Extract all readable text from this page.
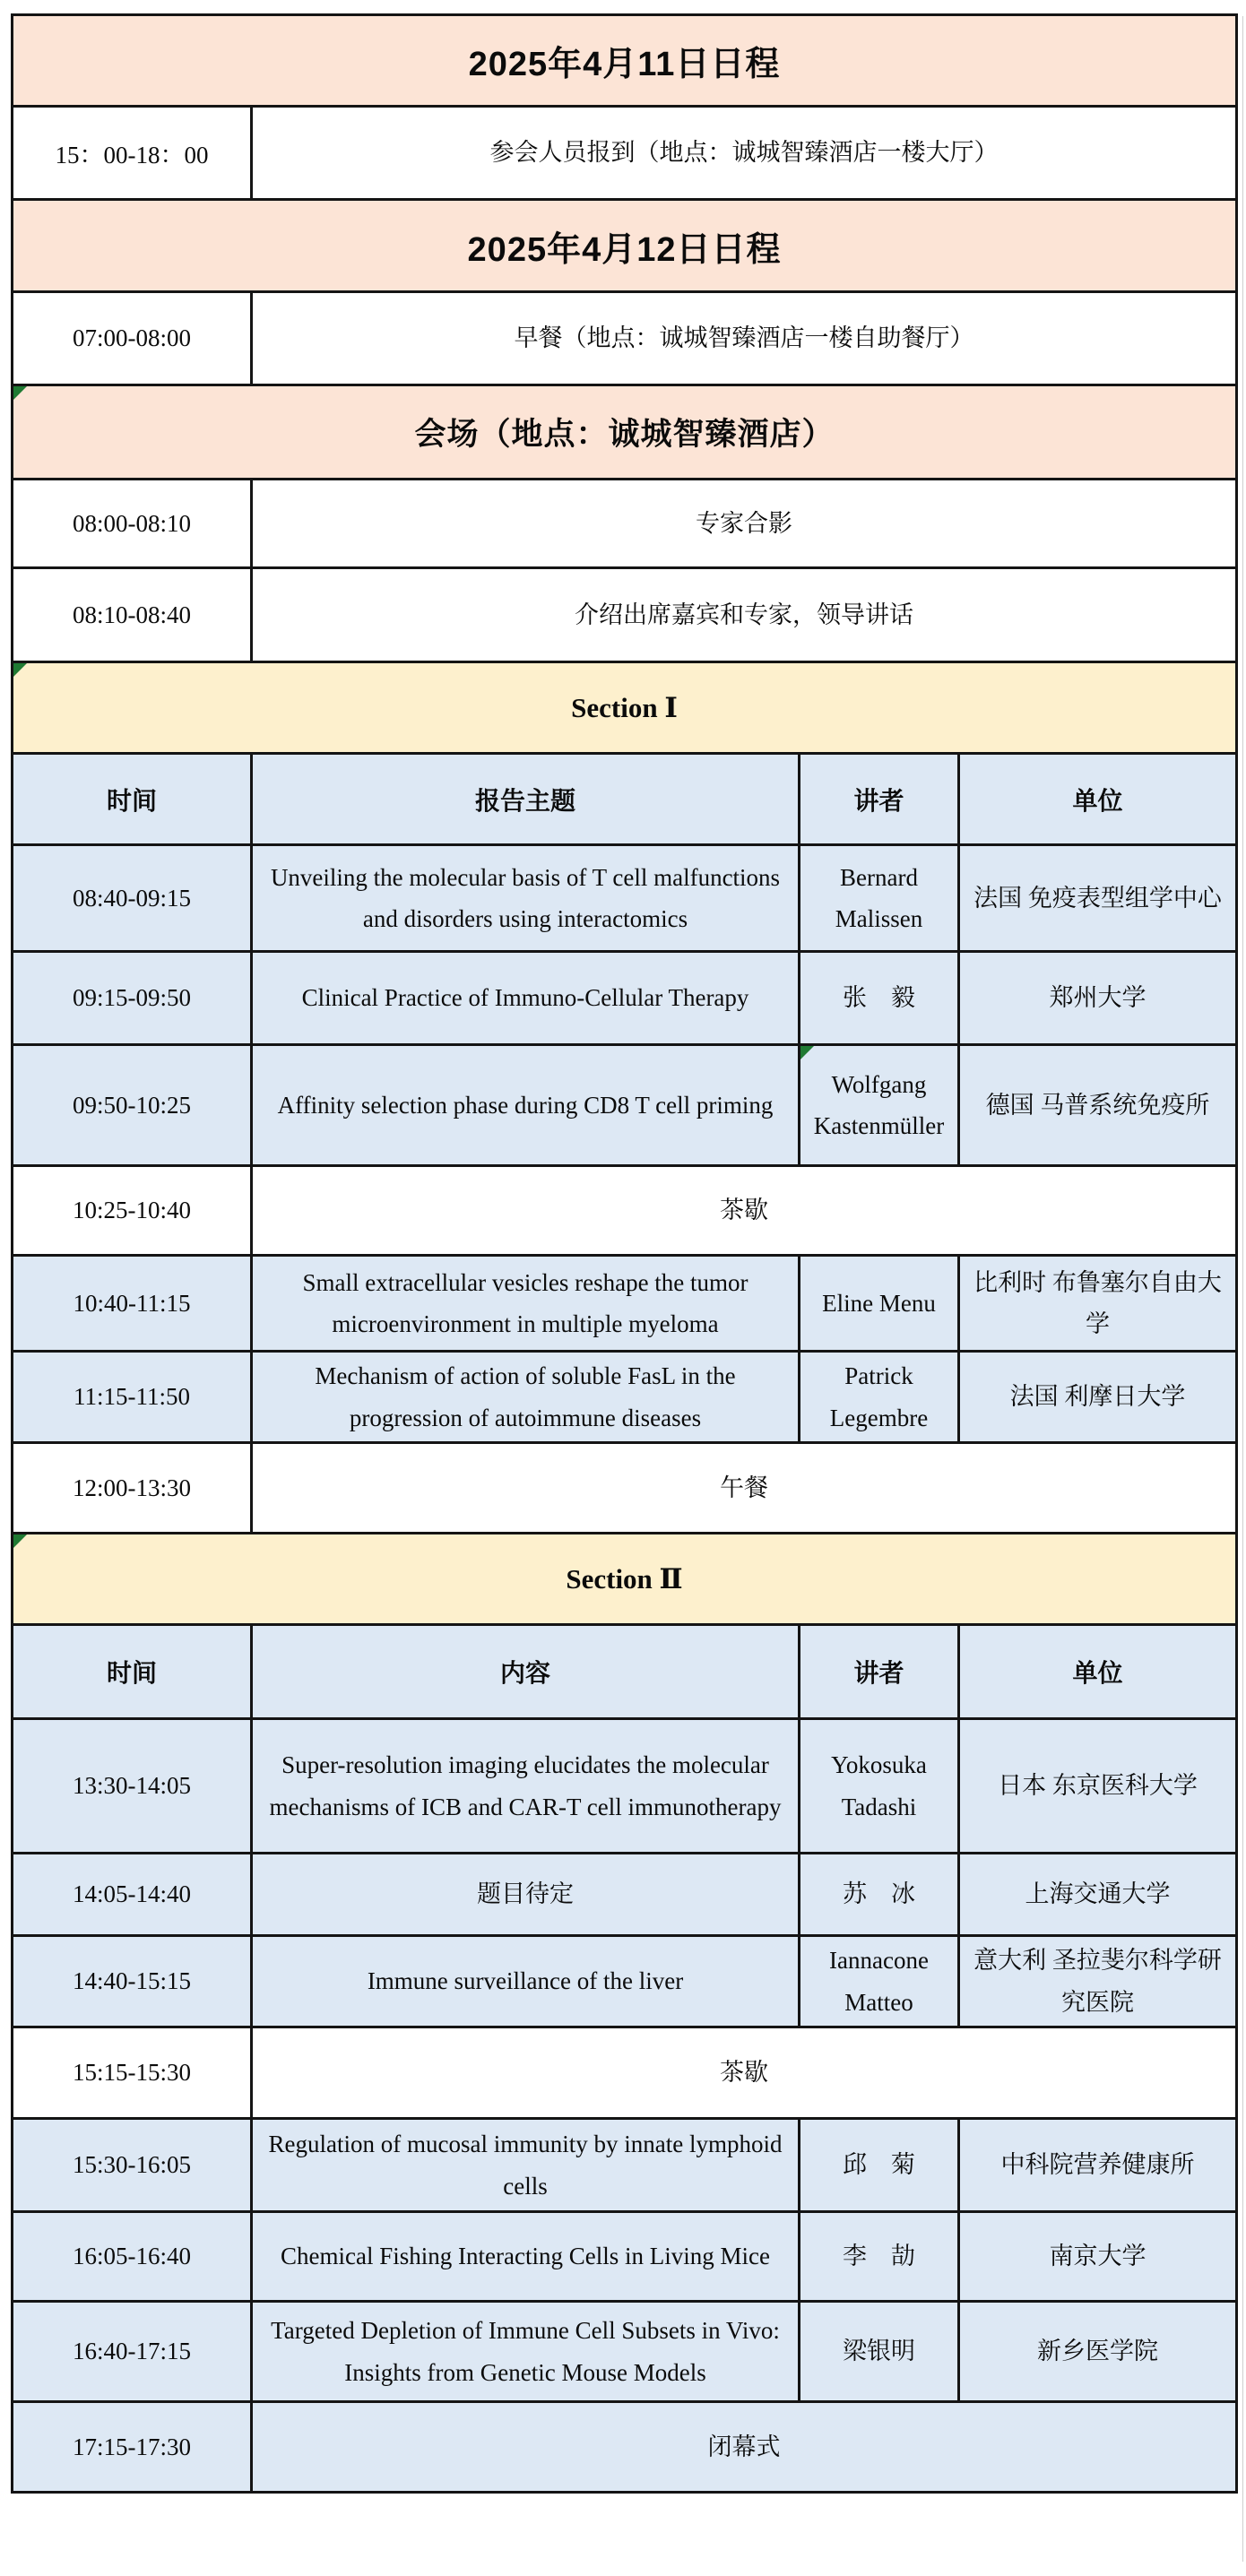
2025年4月11日日程			
15：00-18：00	参会人员报到（地点：诚城智臻酒店一楼大厅）		
2025年4月12日日程			
07:00-08:00	早餐（地点：诚城智臻酒店一楼自助餐厅）		

会场（地点：诚城智臻酒店）			
08:00-08:10	专家合影		
08:10-08:40	介绍出席嘉宾和专家，领导讲话		

Section Ⅰ			
时间	报告主题	讲者	单位
08:40-09:15	Unveiling the molecular basis of T cell malfunctions and disorders using interactomics	Bernard Malissen	法国 免疫表型组学中心
09:15-09:50	Clinical Practice of Immuno-Cellular Therapy	张　毅	郑州大学
09:50-10:25	Affinity selection phase during CD8 T cell priming	Wolfgang Kastenmüller	德国 马普系统免疫所
10:25-10:40	茶歇		
10:40-11:15	Small extracellular vesicles reshape the tumor microenvironment in multiple myeloma	Eline Menu	比利时 布鲁塞尔自由大学
11:15-11:50	Mechanism of action of soluble FasL in the progression of autoimmune diseases	Patrick Legembre	法国 利摩日大学
12:00-13:30	午餐		

Section Ⅱ			
时间	内容	讲者	单位
13:30-14:05	Super-resolution imaging elucidates the molecular mechanisms of ICB and CAR-T cell immunotherapy	Yokosuka Tadashi	日本 东京医科大学
14:05-14:40	题目待定	苏　冰	上海交通大学
14:40-15:15	Immune surveillance of the liver	Iannacone Matteo	意大利 圣拉斐尔科学研究医院
15:15-15:30	茶歇		
15:30-16:05	Regulation of mucosal immunity by innate lymphoid cells	邱　菊	中科院营养健康所
16:05-16:40	Chemical Fishing Interacting Cells in Living Mice	李　劼	南京大学
16:40-17:15	Targeted Depletion of Immune Cell Subsets in Vivo: Insights from Genetic Mouse Models	梁银明	新乡医学院
17:15-17:30	闭幕式		
